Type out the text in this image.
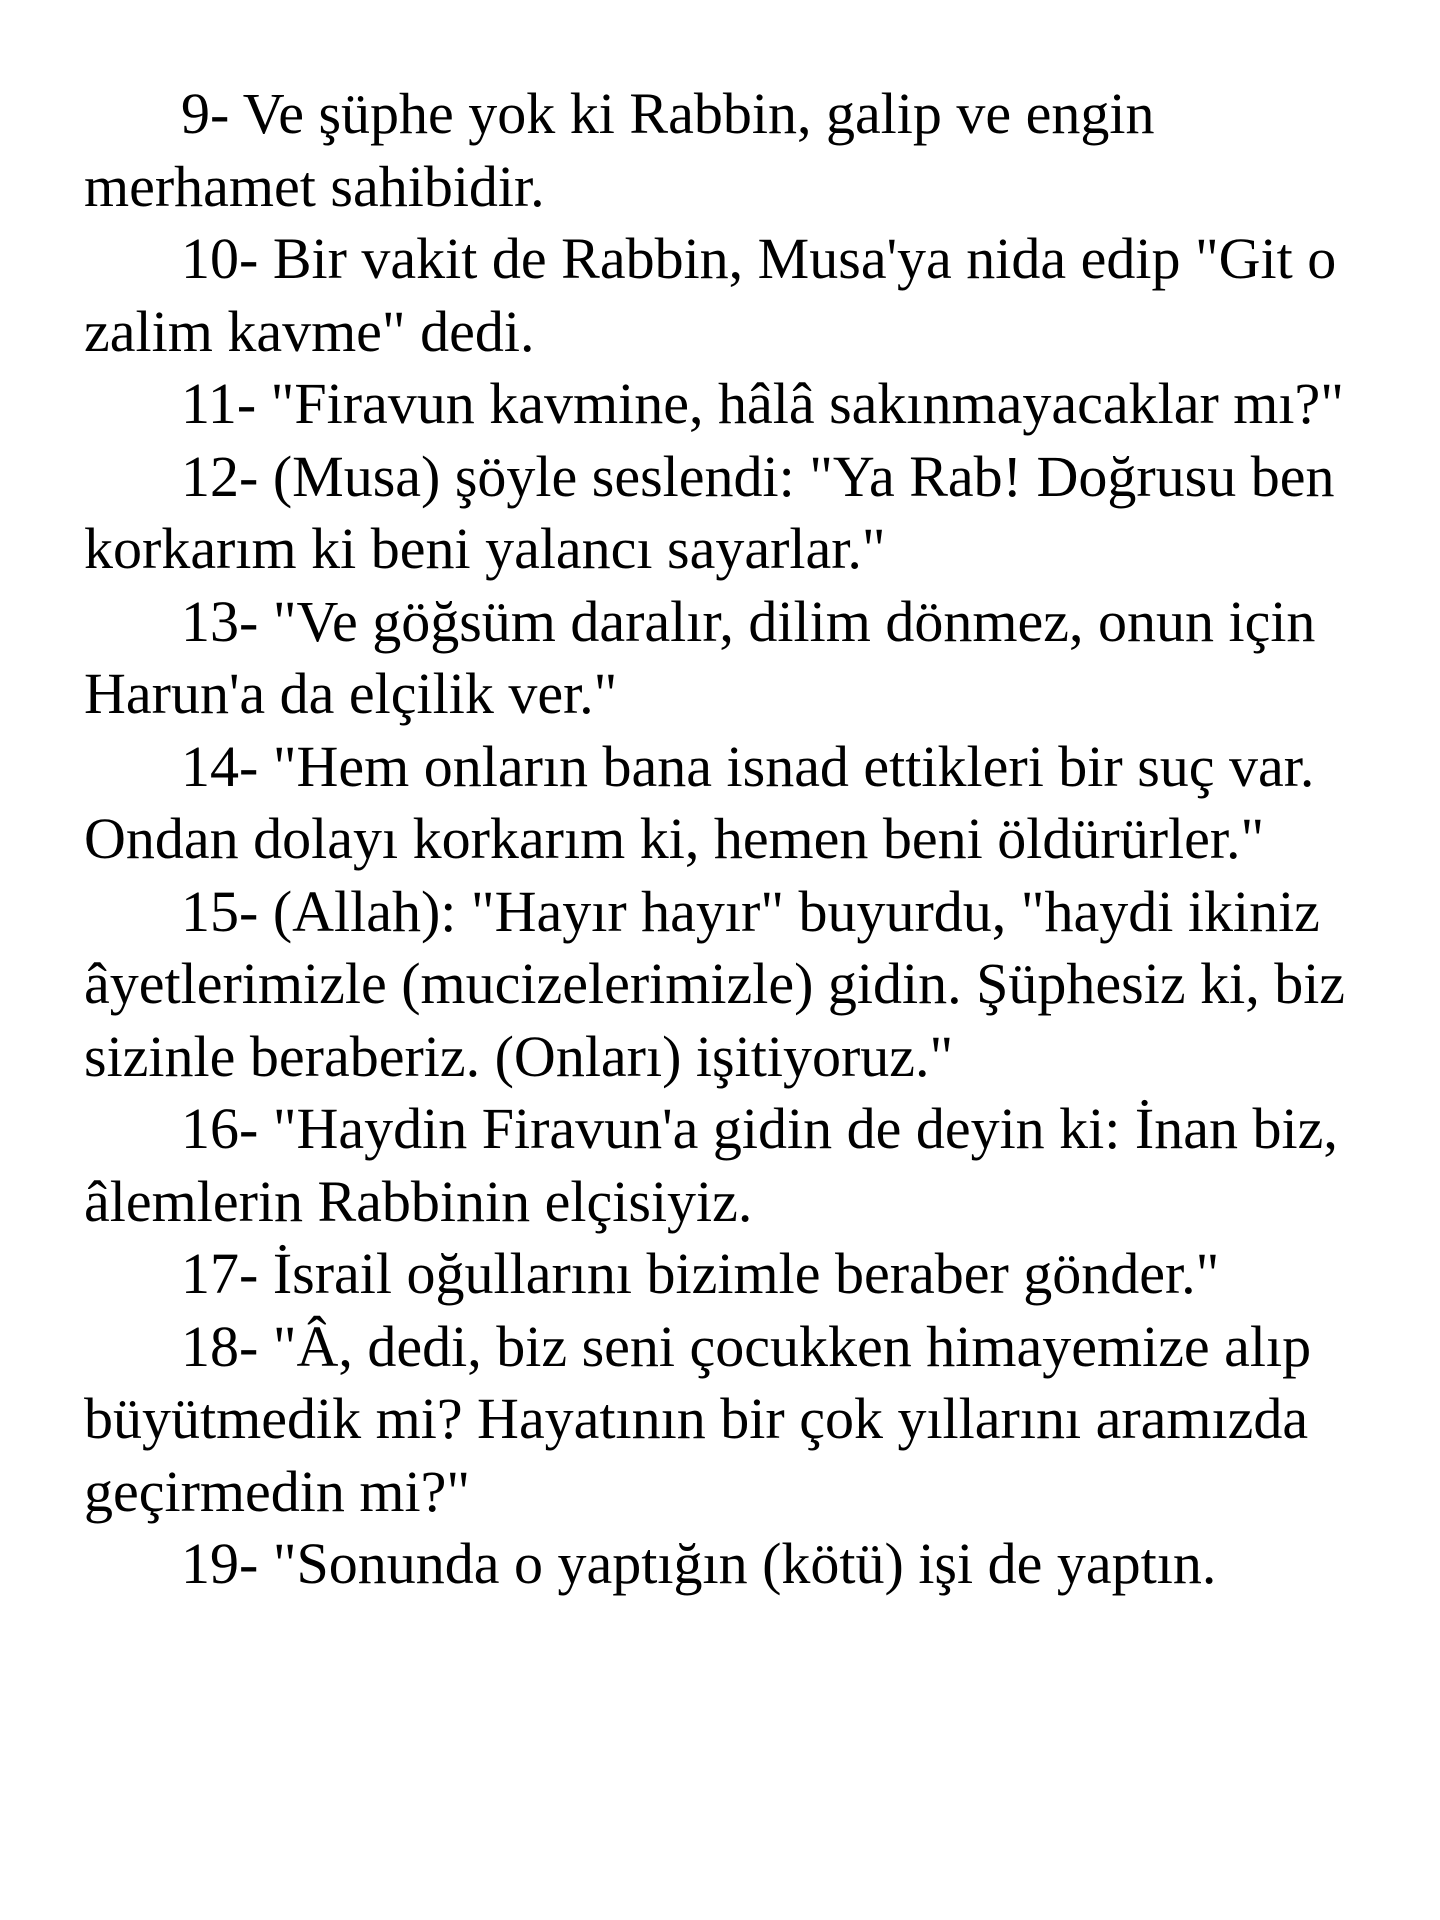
9- Ve şüphe yok ki Rabbin, galip ve engin merhamet sahibidir.

10- Bir vakit de Rabbin, Musa'ya nida edip "Git o zalim kavme" dedi.

11- "Firavun kavmine, hâlâ sakınmayacaklar mı?"

12- (Musa) şöyle seslendi: "Ya Rab! Doğrusu ben korkarım ki beni yalancı sayarlar."

13- "Ve göğsüm daralır, dilim dönmez, onun için Harun'a da elçilik ver."

14- "Hem onların bana isnad ettikleri bir suç var. Ondan dolayı korkarım ki, hemen beni öldürürler."

15- (Allah): "Hayır hayır" buyurdu, "haydi ikiniz âyetlerimizle (mucizelerimizle) gidin. Şüphesiz ki, biz sizinle beraberiz. (Onları) işitiyoruz."

16- "Haydin Firavun'a gidin de deyin ki: İnan biz, âlemlerin Rabbinin elçisiyiz.

17- İsrail oğullarını bizimle beraber gönder."

18- "Â, dedi, biz seni çocukken himayemize alıp büyütmedik mi? Hayatının bir çok yıllarını aramızda geçirmedin mi?"

19- "Sonunda o yaptığın (kötü) işi de yaptın.
